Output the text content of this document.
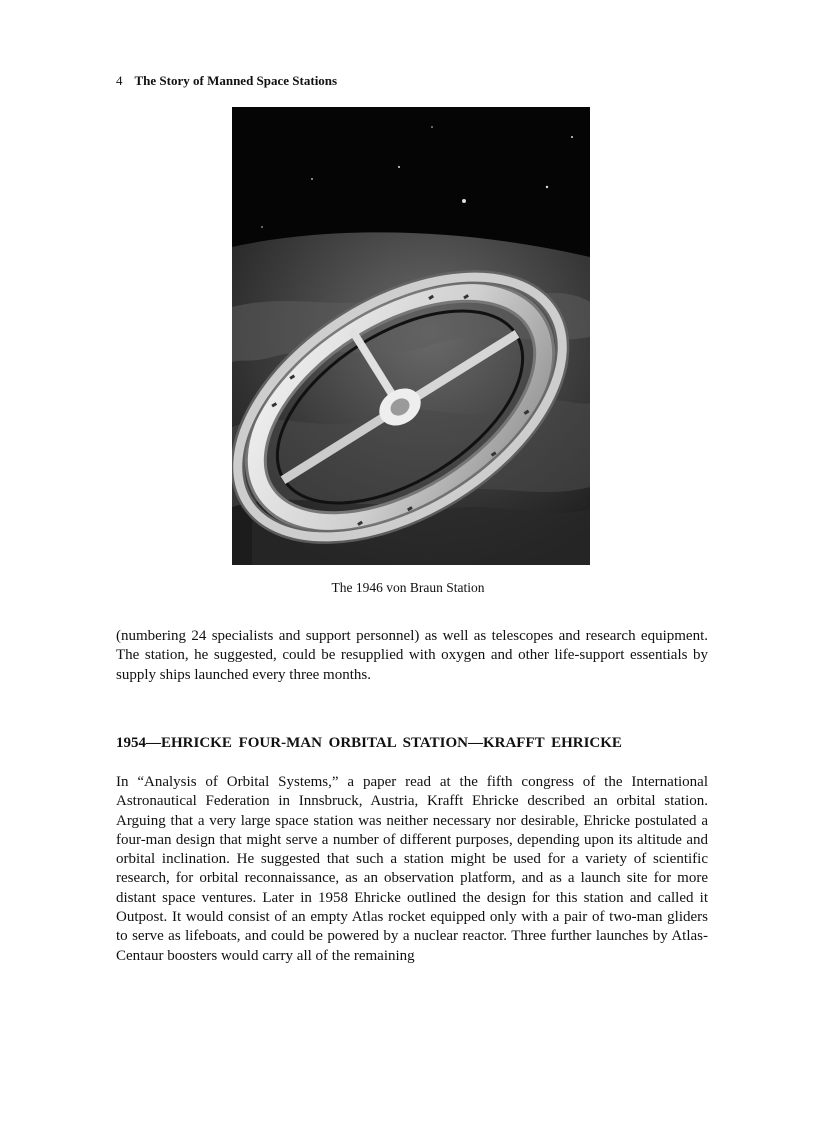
4 The Story of Manned Space Stations
The 1946 von Braun Station

(numbering 24 specialists and support personnel) as well as telescopes and research equipment. The station, he suggested, could be resupplied with oxygen and other life-support essentials by supply ships launched every three months.

1954—EHRICKE FOUR-MAN ORBITAL STATION—KRAFFT EHRICKE

In “Analysis of Orbital Systems,” a paper read at the fifth congress of the International Astronautical Federation in Innsbruck, Austria, Krafft Ehricke described an orbital station. Arguing that a very large space station was neither necessary nor desirable, Ehricke postulated a four-man design that might serve a number of different purposes, depending upon its altitude and orbital inclination. He suggested that such a station might be used for a variety of scientific research, for orbital reconnaissance, as an observation platform, and as a launch site for more distant space ventures. Later in 1958 Ehricke outlined the design for this station and called it Outpost. It would consist of an empty Atlas rocket equipped only with a pair of two-man gliders to serve as lifeboats, and could be powered by a nuclear reactor. Three further launches by Atlas-Centaur boosters would carry all of the remaining
